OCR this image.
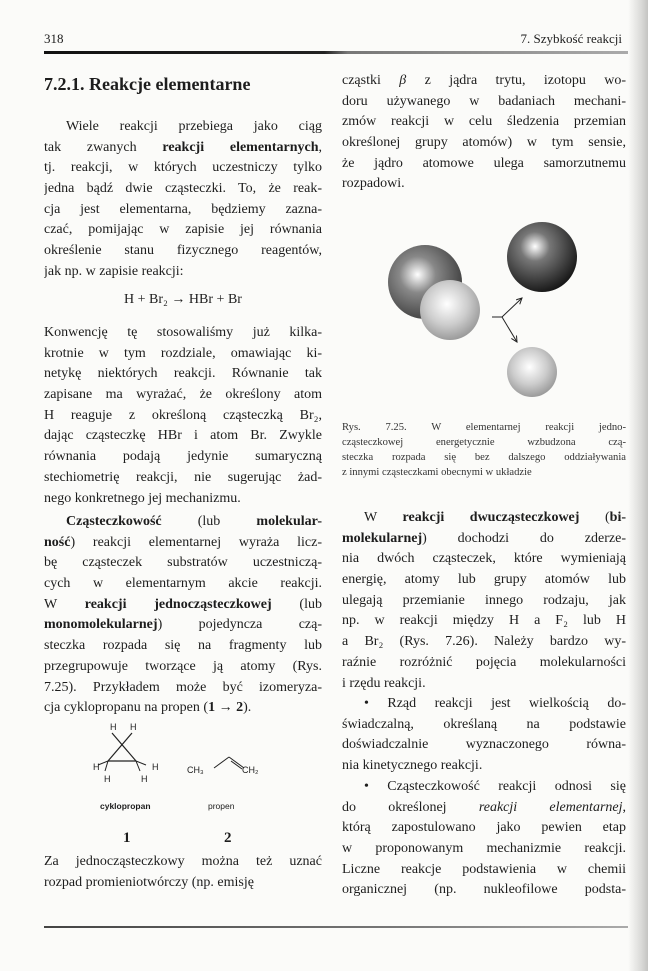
318	7. Szybkość reakcji
7.2.1. Reakcje elementarne
Wiele reakcji przebiega jako ciąg
tak zwanych reakcji elementarnych,
tj. reakcji, w których uczestniczy tylko
jedna bądź dwie cząsteczki. To, że reak-
cja jest elementarna, będziemy zazna-
czać, pomijając w zapisie jej równania
określenie stanu fizycznego reagentów,
jak np. w zapisie reakcji:
H + Br₂ → HBr + Br
Konwencję tę stosowaliśmy już kilka-
krotnie w tym rozdziale, omawiając ki-
netykę niektórych reakcji. Równanie tak
zapisane ma wyrażać, że określony atom
H reaguje z określoną cząsteczką Br₂,
dając cząsteczkę HBr i atom Br. Zwykle
równania podają jedynie sumaryczną
stechiometrię reakcji, nie sugerując żad-
nego konkretnego jej mechanizmu.
Cząsteczkowość (lub molekular-
ność) reakcji elementarnej wyraża licz-
bę cząsteczek substratów uczestniczą-
cych w elementarnym akcie reakcji.
W reakcji jednocząsteczkowej (lub
monomolekularnej) pojedyncza czą-
steczka rozpada się na fragmenty lub
przegrupowuje tworzące ją atomy (Rys.
7.25). Przykładem może być izomeryza-
cja cyklopropanu na propen (1 → 2).
H H
H	H
H	H
cyklopropan
CH₃	CH₂
propen
1	2
Za jednocząsteczkowy można też uznać
rozpad promieniotwórczy (np. emisję
cząstki β z jądra trytu, izotopu wo-
doru używanego w badaniach mechani-
zmów reakcji w celu śledzenia przemian
określonej grupy atomów) w tym sensie,
że jądro atomowe ulega samorzutnemu
rozpadowi.
Rys. 7.25. W elementarnej reakcji jedno-
cząsteczkowej energetycznie wzbudzona czą-
steczka rozpada się bez dalszego oddziaływania
z innymi cząsteczkami obecnymi w układzie
W reakcji dwucząsteczkowej (bi-
molekularnej) dochodzi do zderze-
nia dwóch cząsteczek, które wymieniają
energię, atomy lub grupy atomów lub
ulegają przemianie innego rodzaju, jak
np. w reakcji między H a F₂ lub H
a Br₂ (Rys. 7.26). Należy bardzo wy-
raźnie rozróżnić pojęcia molekularności
i rzędu reakcji.
• Rząd reakcji jest wielkością do-
świadczalną, określaną na podstawie
doświadczalnie wyznaczonego równa-
nia kinetycznego reakcji.
• Cząsteczkowość reakcji odnosi się
do określonej reakcji elementarnej,
którą zapostulowano jako pewien etap
w proponowanym mechanizmie reakcji.
Liczne reakcje podstawienia w chemii
organicznej (np. nukleofilowe podsta-
